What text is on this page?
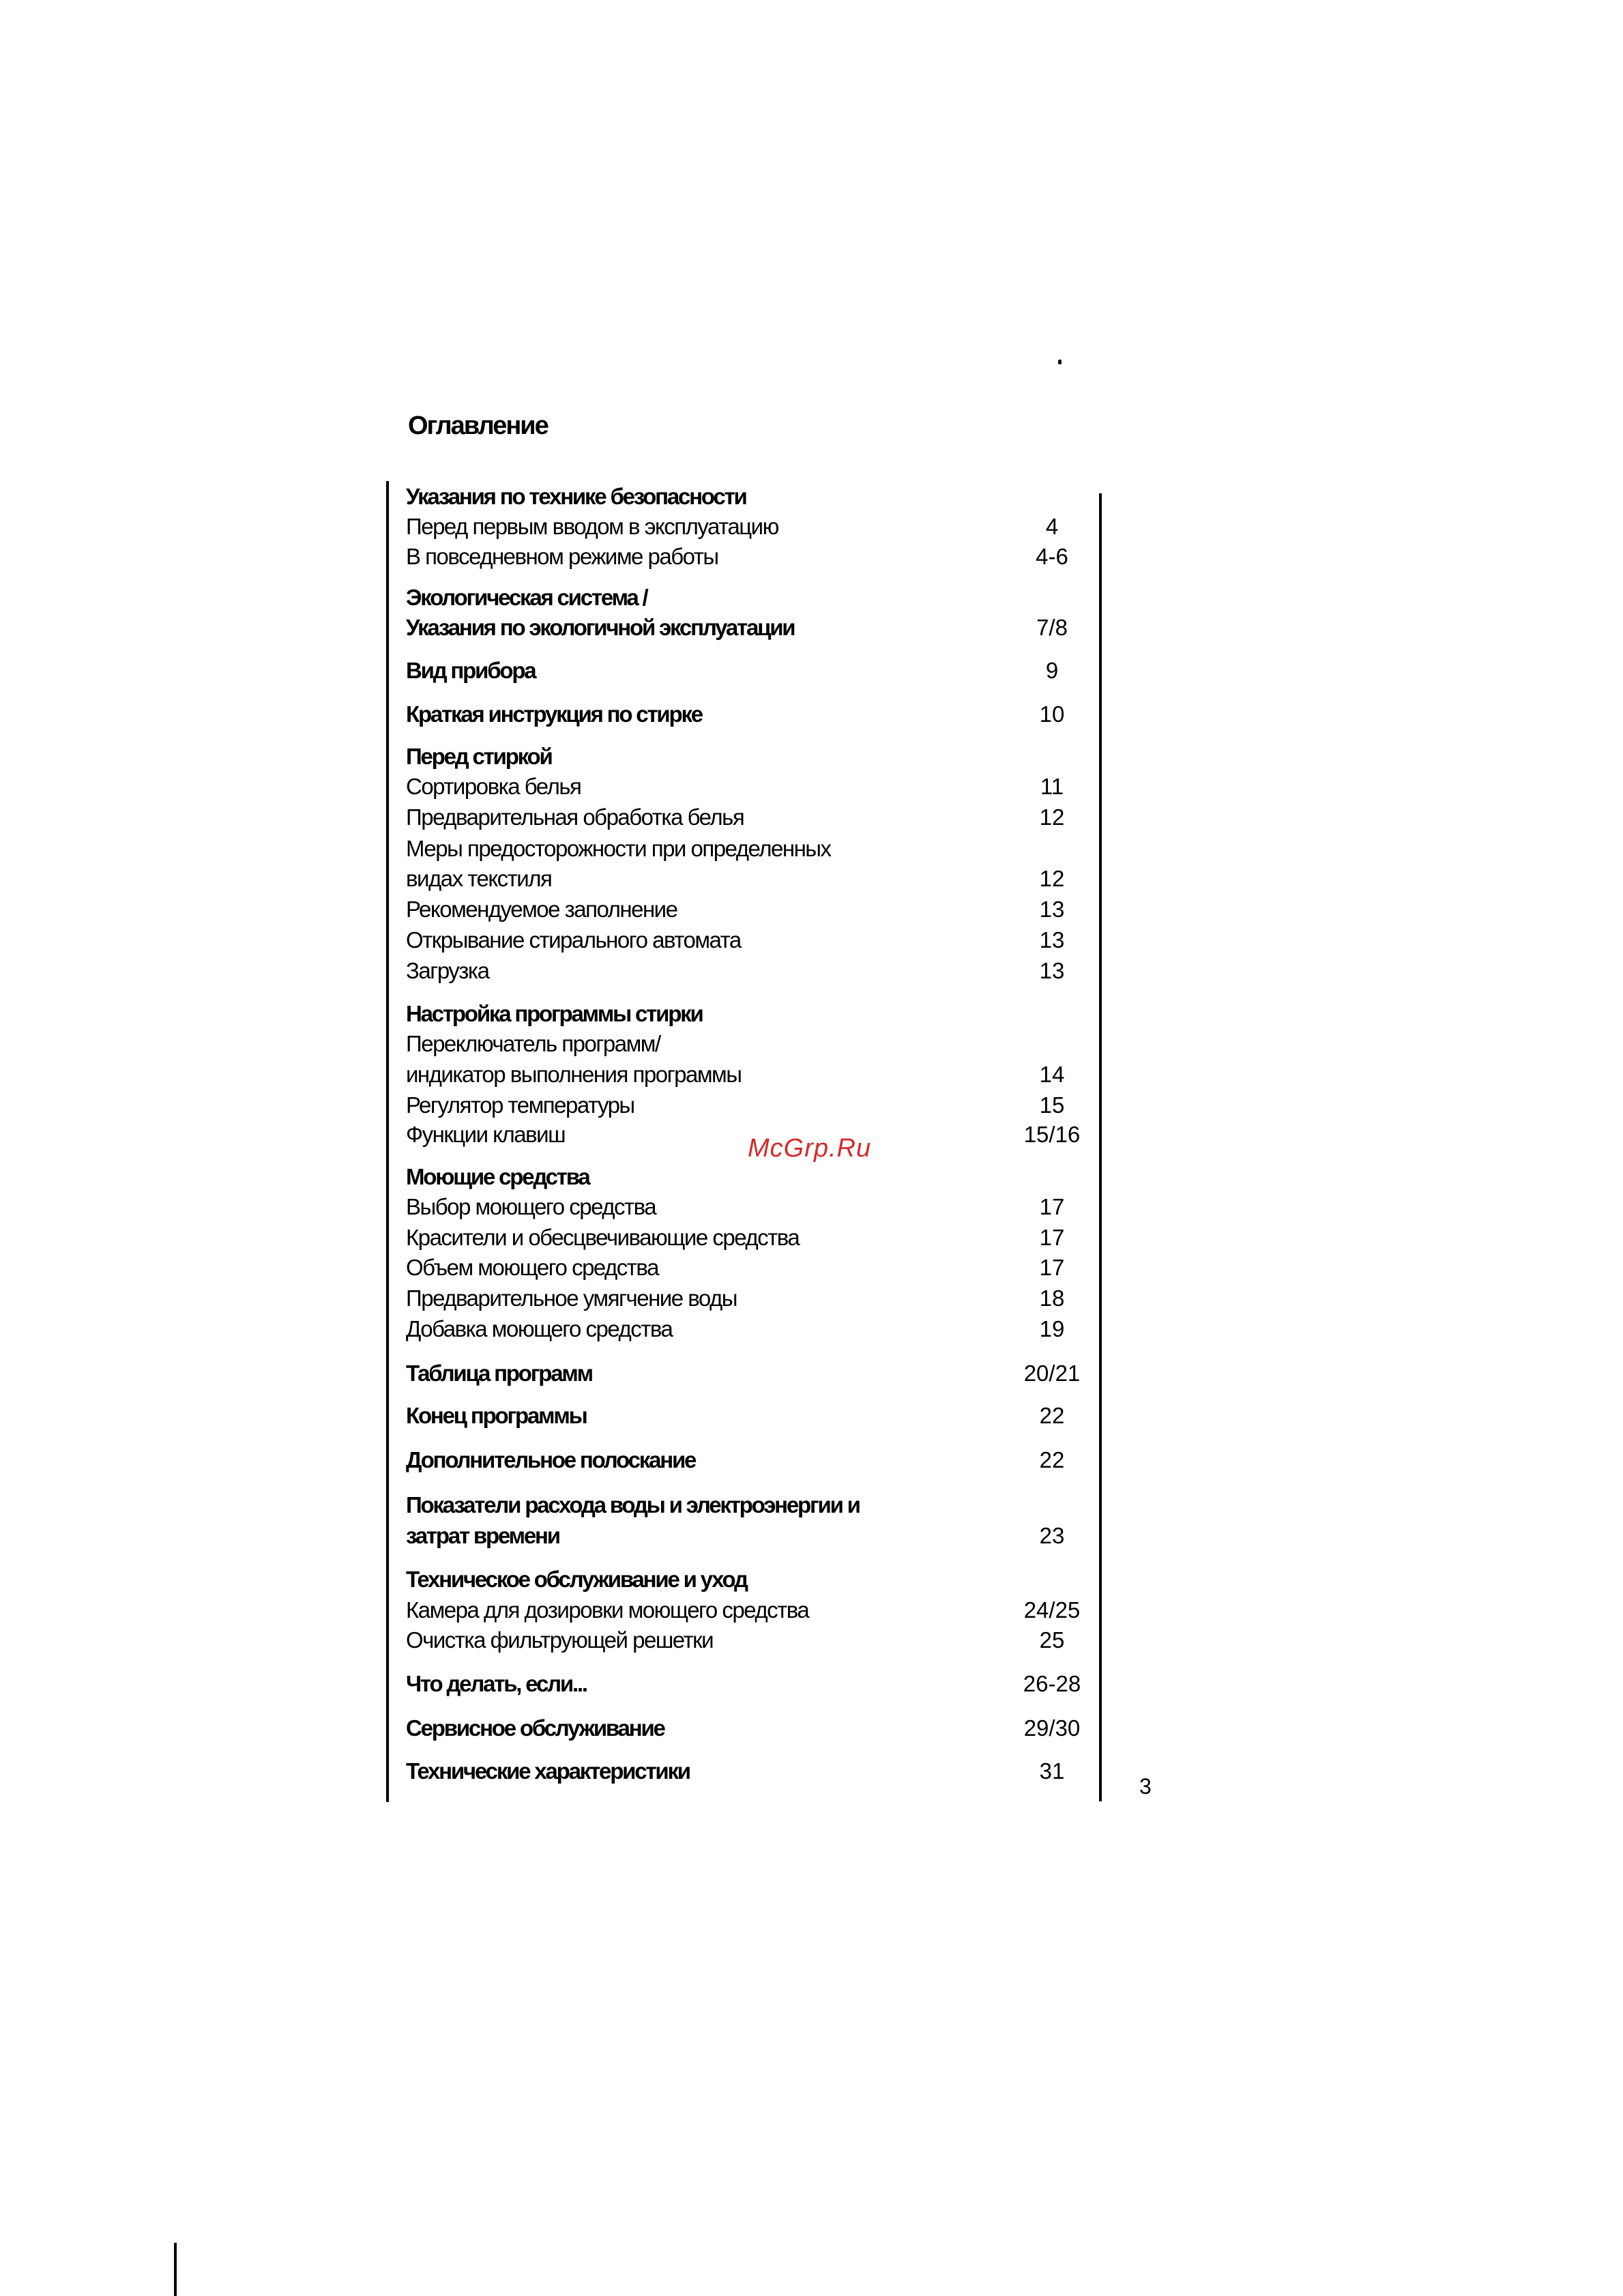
Оглавление
McGrp.Ru
3
Указания по технике безопасности
Перед первым вводом в эксплуатацию	4
В повседневном режиме работы	4-6
Экологическая система /
Указания по экологичной эксплуатации	7/8
Вид прибора	9
Краткая инструкция по стирке	10
Перед стиркой
Сортировка белья	11
Предварительная обработка белья	12
Меры предосторожности при определенных
видах текстиля	12
Рекомендуемое заполнение	13
Открывание стирального автомата	13
Загрузка	13
Настройка программы стирки
Переключатель программ/
индикатор выполнения программы	14
Регулятор температуры	15
Функции клавиш	15/16
Моющие средства
Выбор моющего средства	17
Красители и обесцвечивающие средства	17
Объем моющего средства	17
Предварительное умягчение воды	18
Добавка моющего средства	19
Таблица программ	20/21
Конец программы	22
Дополнительное полоскание	22
Показатели расхода воды и электроэнергии и
затрат времени	23
Техническое обслуживание и уход
Камера для дозировки моющего средства	24/25
Очистка фильтрующей решетки	25
Что делать, если...	26-28
Сервисное обслуживание	29/30
Технические характеристики	31
